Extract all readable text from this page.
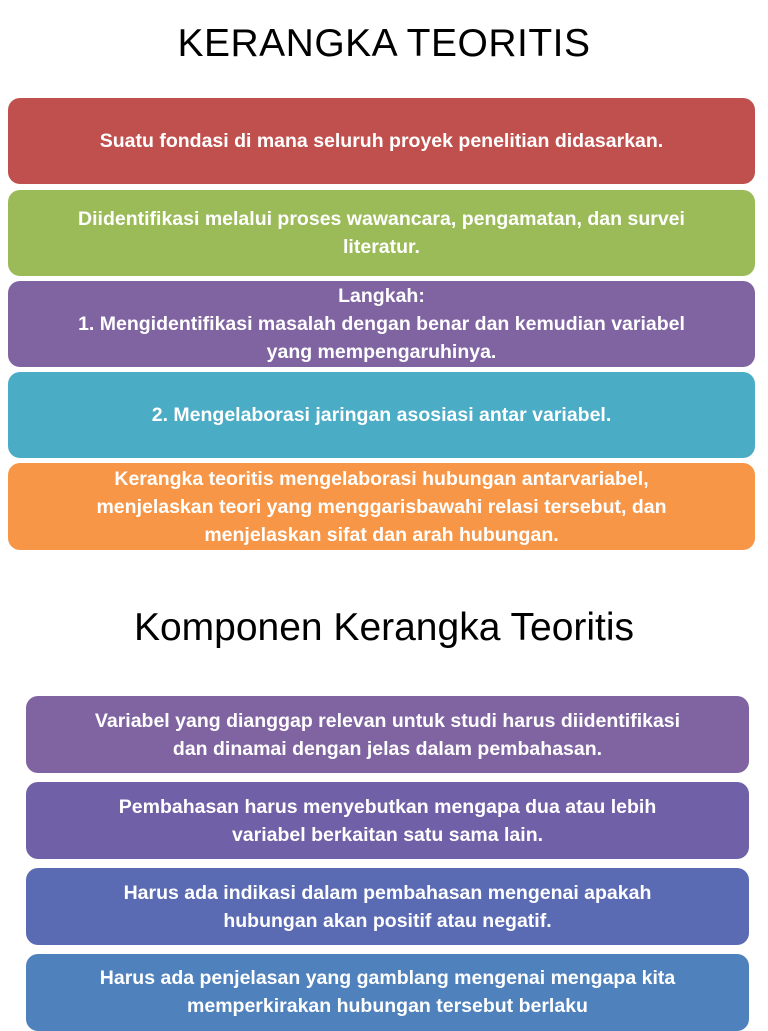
KERANGKA TEORITIS
Suatu fondasi di mana seluruh proyek penelitian didasarkan.
Diidentifikasi melalui proses wawancara, pengamatan, dan survei
literatur.
Langkah:
1. Mengidentifikasi masalah dengan benar dan kemudian variabel
yang mempengaruhinya.
2. Mengelaborasi jaringan asosiasi antar variabel.
Kerangka teoritis mengelaborasi hubungan antarvariabel,
menjelaskan teori yang menggarisbawahi relasi tersebut, dan
menjelaskan sifat dan arah hubungan.
Komponen Kerangka Teoritis
Variabel yang dianggap relevan untuk studi harus diidentifikasi
dan dinamai dengan jelas dalam pembahasan.
Pembahasan harus menyebutkan mengapa dua atau lebih
variabel berkaitan satu sama lain.
Harus ada indikasi dalam pembahasan mengenai apakah
hubungan akan positif atau negatif.
Harus ada penjelasan yang gamblang mengenai mengapa kita
memperkirakan hubungan tersebut berlaku
